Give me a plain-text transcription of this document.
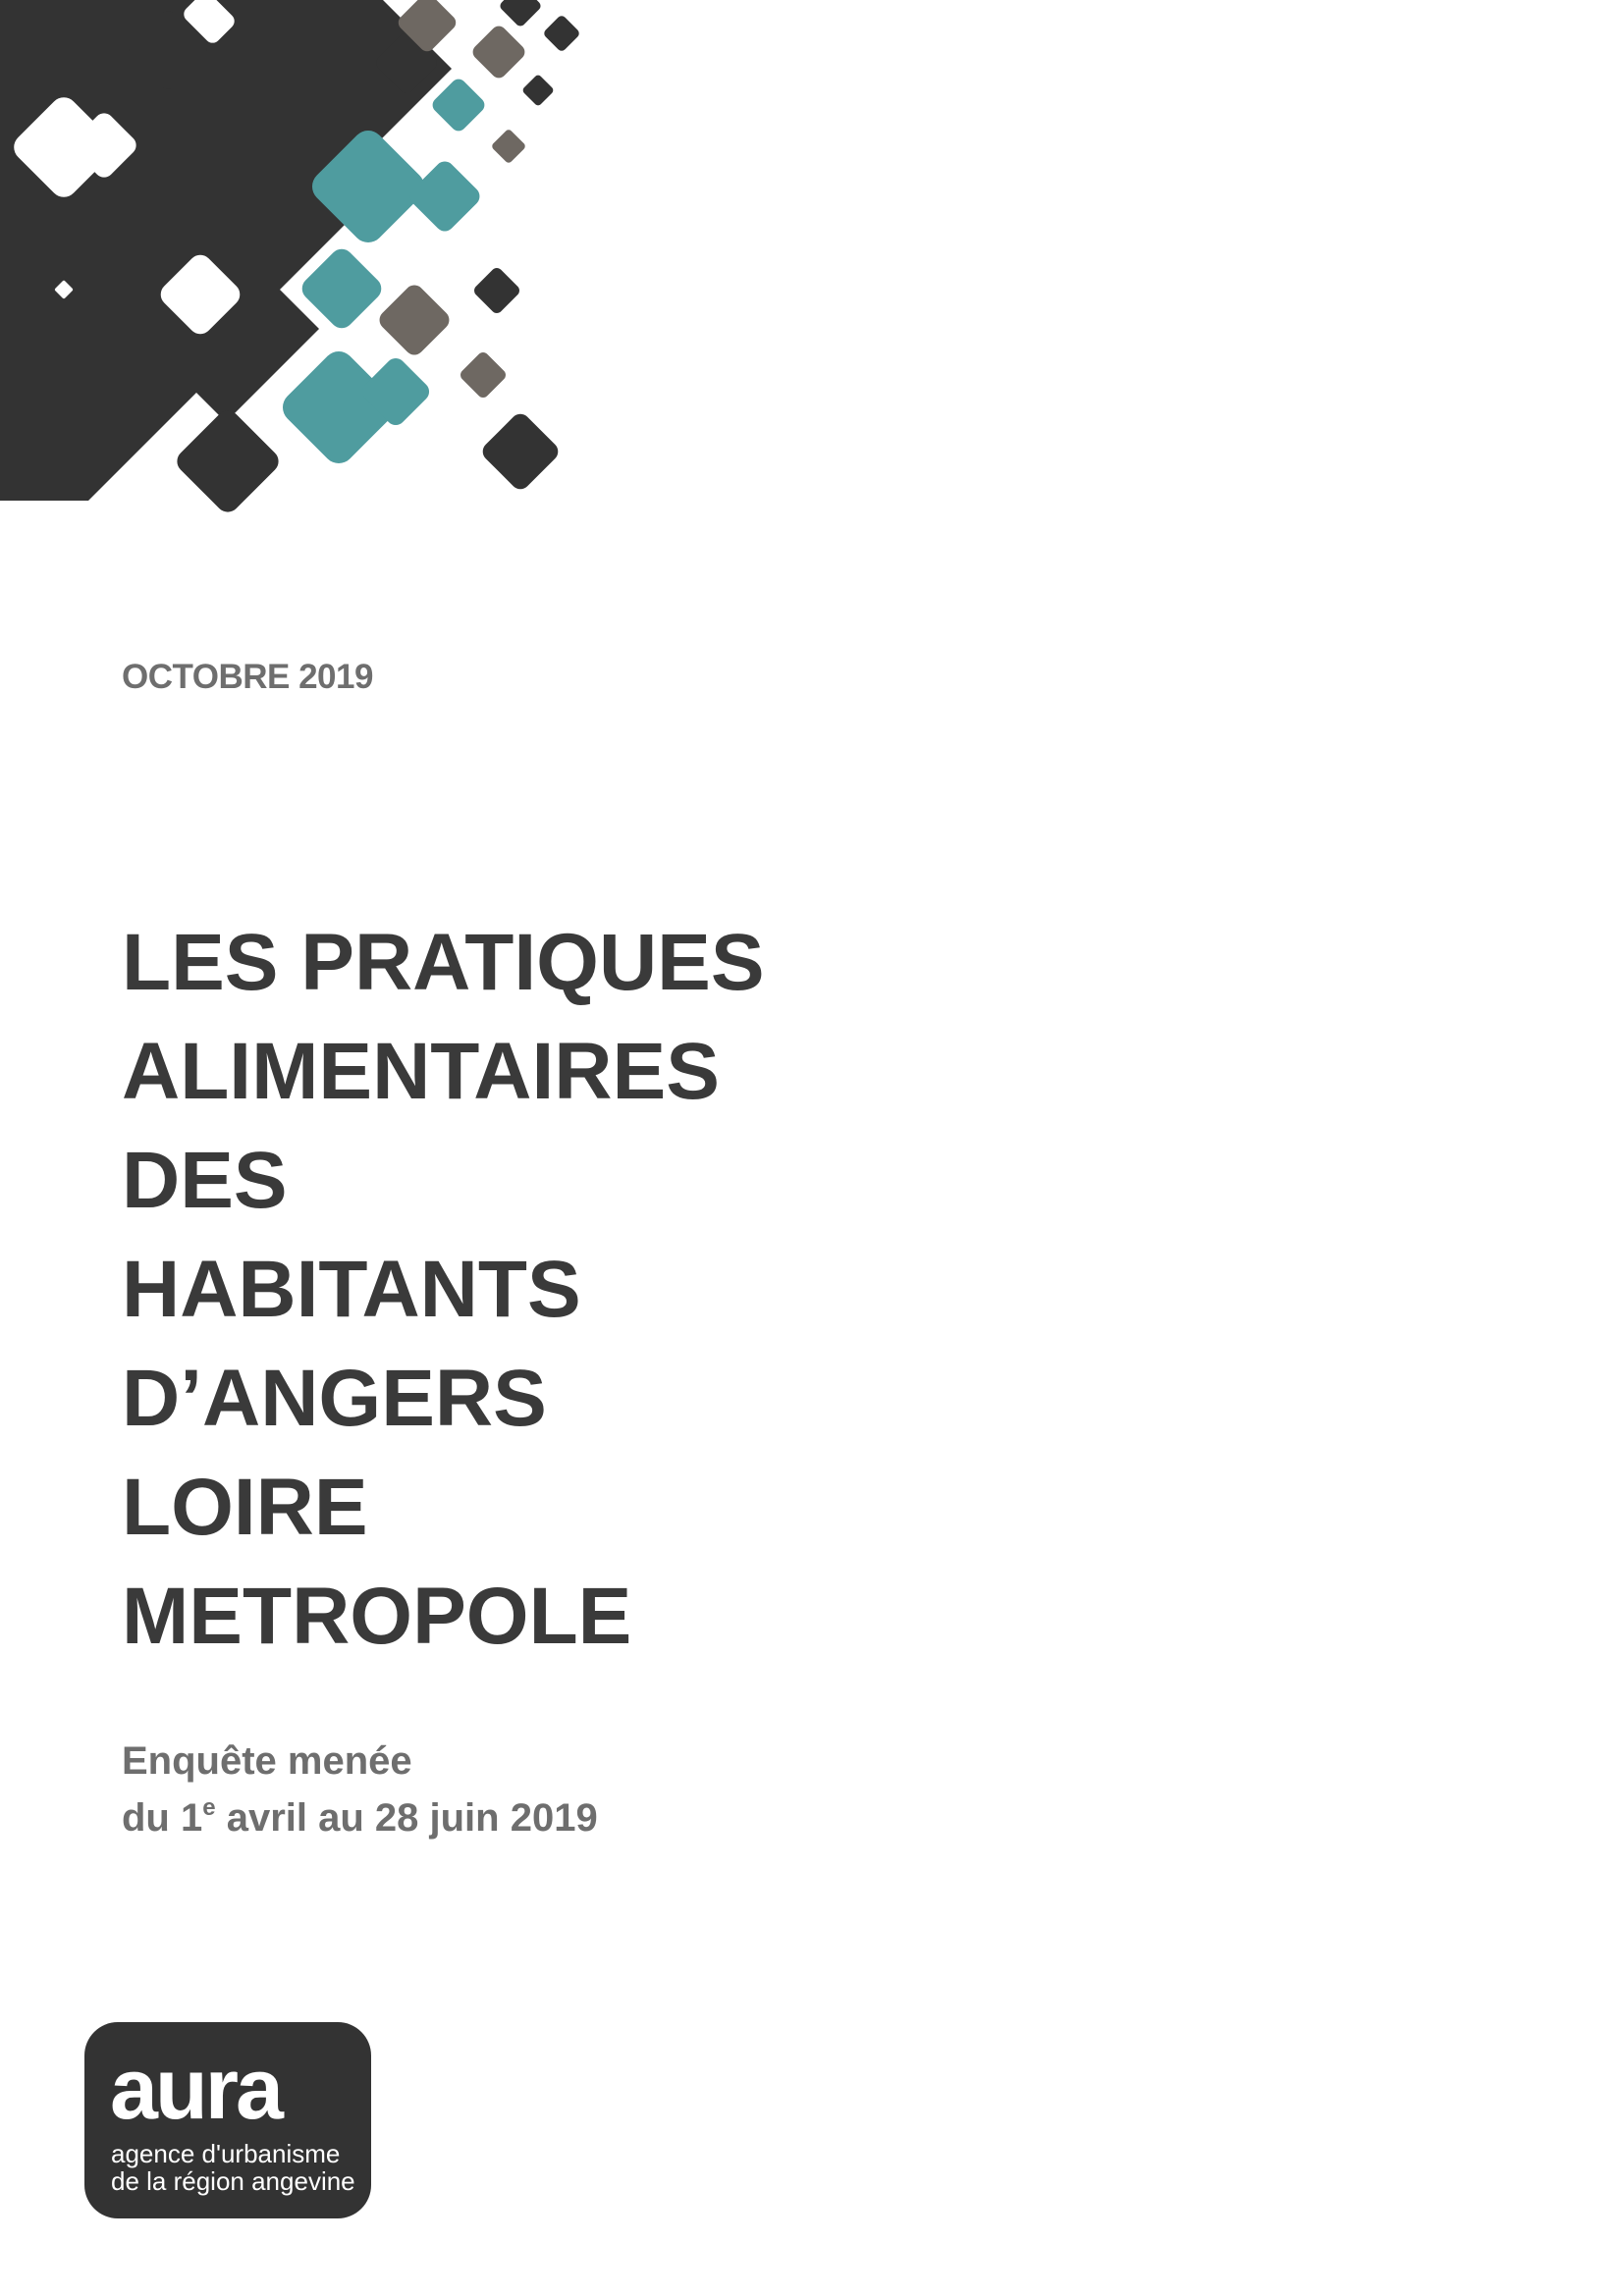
OCTOBRE 2019

LES PRATIQUES
ALIMENTAIRES
DES
HABITANTS
D’ANGERS
LOIRE
METROPOLE

Enquête menée
du 1e avril au 28 juin 2019

aura

agence d'urbanisme
de la région angevine
